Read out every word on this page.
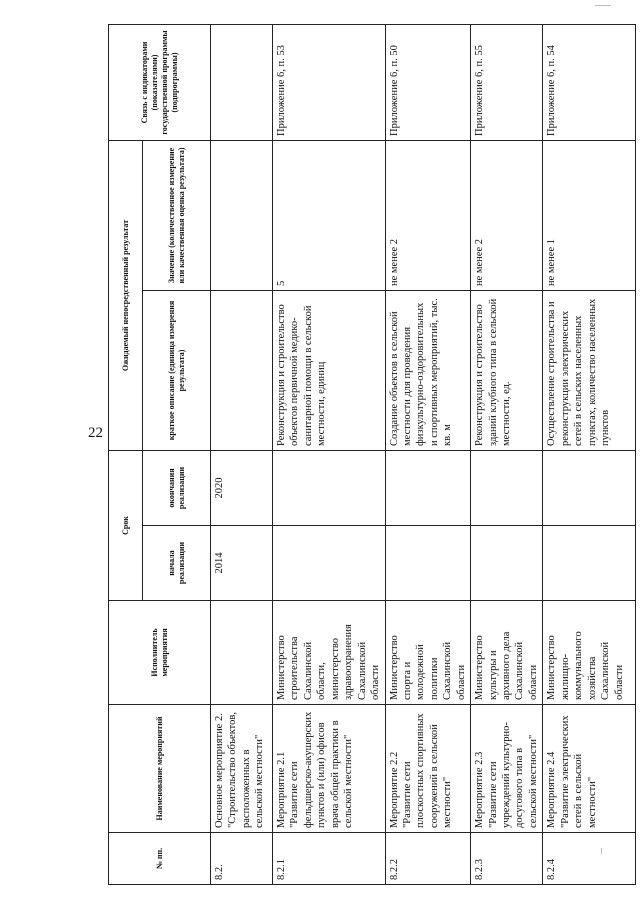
22
№ пп.	Наименование мероприятий	Исполнитель мероприятия	Срок		Ожидаемый непосредственный результат		Связь с индикаторами (показателями) государственной программы (подпрограммы)
			начала реализации	окончания реализации	краткое описание (единица измерения результата)	Значение (количественное измерение или качественная оценка результата)	
8.2.	Основное мероприятие 2. "Строительство объектов, расположенных в сельской местности"		2014	2020			
8.2.1	Мероприятие 2.1 "Развитие сети фельдшерско-акушерских пунктов и (или) офисов врача общей практики в сельской местности"	Министерство строительства Сахалинской области, министерство здравоохранения Сахалинской области			Реконструкция и строительство объектов первичной медико-санитарной помощи в сельской местности, единиц	5	Приложение 6, п. 53
8.2.2	Мероприятие 2.2 "Развитие сети плоскостных спортивных сооружений в сельской местности"	Министерство спорта и молодежной политики Сахалинской области			Создание объектов в сельской местности для проведения физкультурно-оздоровительных и спортивных мероприятий, тыс. кв. м	не менее 2	Приложение 6, п. 50
8.2.3	Мероприятие 2.3 "Развитие сети учреждений культурно-досугового типа в сельской местности"	Министерство культуры и архивного дела Сахалинской области			Реконструкция и строительство зданий клубного типа в сельской местности, ед.	не менее 2	Приложение 6, п. 55
8.2.4	Мероприятие 2.4 "Развитие электрических сетей в сельской местности"	Министерство жилищно-коммунального хозяйства Сахалинской области			Осуществление строительства и реконструкции электрических сетей в сельских населенных пунктах, количество населенных пунктов	не менее 1	Приложение 6, п. 54
